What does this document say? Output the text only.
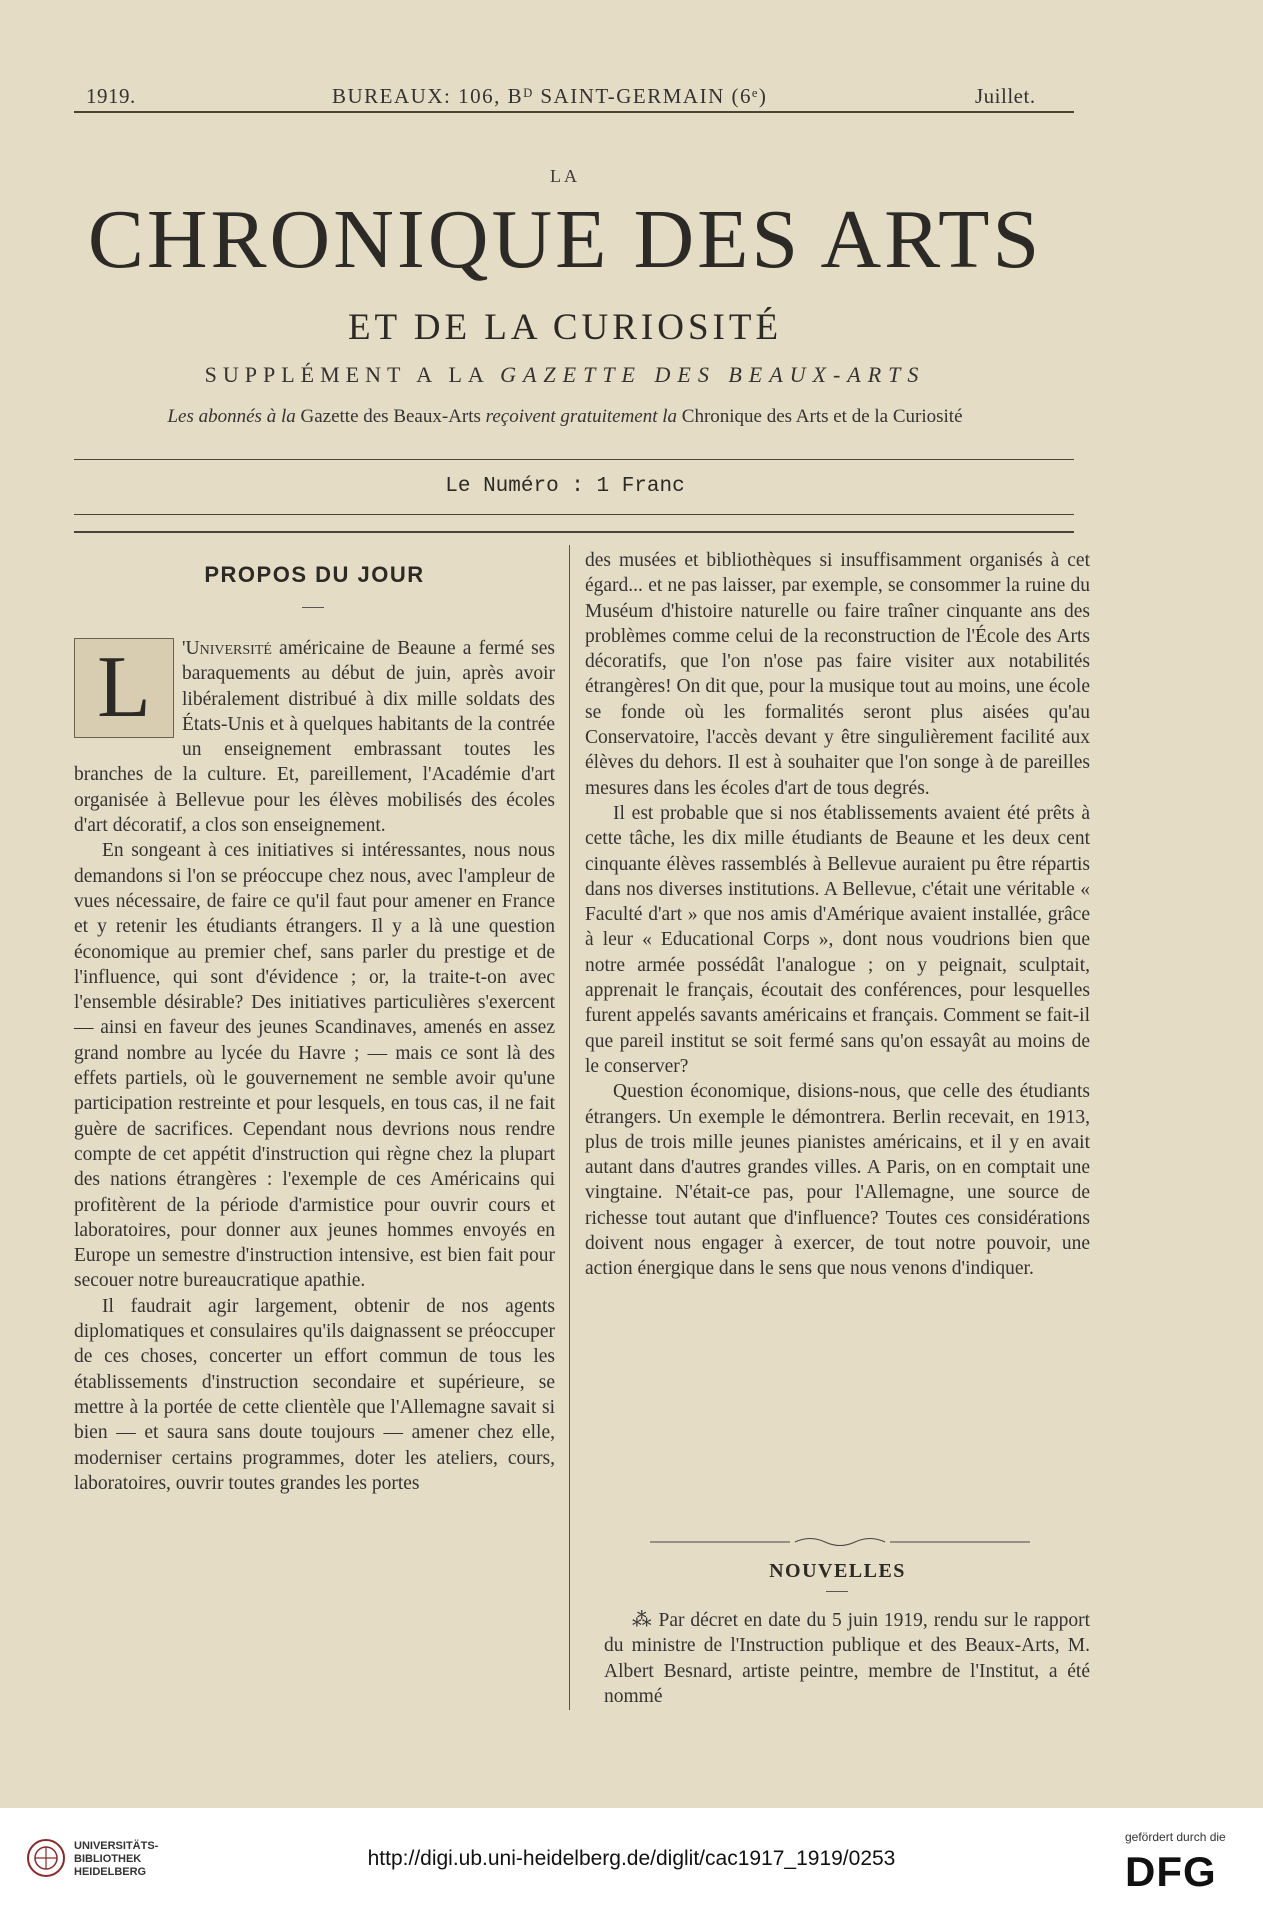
1919.	BUREAUX: 106, Bᴰ SAINT-GERMAIN (6ᵉ)	Juillet.
LA
CHRONIQUE DES ARTS
ET DE LA CURIOSITÉ
SUPPLÉMENT A LA GAZETTE DES BEAUX-ARTS
Les abonnés à la Gazette des Beaux-Arts reçoivent gratuitement la Chronique des Arts et de la Curiosité
Le Numéro : 1 Franc
PROPOS DU JOUR

L	'Université américaine de Beaune a fermé ses baraquements au début de juin, après avoir libéralement distribué à dix mille soldats des États-Unis et à quelques habitants de la contrée un enseignement embrassant toutes les branches de la culture. Et, pareillement, l'Académie d'art organisée à Bellevue pour les élèves mobilisés des écoles d'art décoratif, a clos son enseignement.

En songeant à ces initiatives si intéressantes, nous nous demandons si l'on se préoccupe chez nous, avec l'ampleur de vues nécessaire, de faire ce qu'il faut pour amener en France et y retenir les étudiants étrangers. Il y a là une question économique au premier chef, sans parler du prestige et de l'influence, qui sont d'évidence ; or, la traite-t-on avec l'ensemble désirable? Des initiatives particulières s'exercent — ainsi en faveur des jeunes Scandinaves, amenés en assez grand nombre au lycée du Havre ; — mais ce sont là des effets partiels, où le gouvernement ne semble avoir qu'une participation restreinte et pour lesquels, en tous cas, il ne fait guère de sacrifices. Cependant nous devrions nous rendre compte de cet appétit d'instruction qui règne chez la plupart des nations étrangères : l'exemple de ces Américains qui profitèrent de la période d'armistice pour ouvrir cours et laboratoires, pour donner aux jeunes hommes envoyés en Europe un semestre d'instruction intensive, est bien fait pour secouer notre bureaucratique apathie.

Il faudrait agir largement, obtenir de nos agents diplomatiques et consulaires qu'ils daignassent se préoccuper de ces choses, concerter un effort commun de tous les établissements d'instruction secondaire et supérieure, se mettre à la portée de cette clientèle que l'Allemagne savait si bien — et saura sans doute toujours — amener chez elle, moderniser certains programmes, doter les ateliers, cours, laboratoires, ouvrir toutes grandes les portes

des musées et bibliothèques si insuffisamment organisés à cet égard... et ne pas laisser, par exemple, se consommer la ruine du Muséum d'histoire naturelle ou faire traîner cinquante ans des problèmes comme celui de la reconstruction de l'École des Arts décoratifs, que l'on n'ose pas faire visiter aux notabilités étrangères! On dit que, pour la musique tout au moins, une école se fonde où les formalités seront plus aisées qu'au Conservatoire, l'accès devant y être singulièrement facilité aux élèves du dehors. Il est à souhaiter que l'on songe à de pareilles mesures dans les écoles d'art de tous degrés.

Il est probable que si nos établissements avaient été prêts à cette tâche, les dix mille étudiants de Beaune et les deux cent cinquante élèves rassemblés à Bellevue auraient pu être répartis dans nos diverses institutions. A Bellevue, c'était une véritable « Faculté d'art » que nos amis d'Amérique avaient installée, grâce à leur « Educational Corps », dont nous voudrions bien que notre armée possédât l'analogue ; on y peignait, sculptait, apprenait le français, écoutait des conférences, pour lesquelles furent appelés savants américains et français. Comment se fait-il que pareil institut se soit fermé sans qu'on essayât au moins de le conserver?

Question économique, disions-nous, que celle des étudiants étrangers. Un exemple le démontrera. Berlin recevait, en 1913, plus de trois mille jeunes pianistes américains, et il y en avait autant dans d'autres grandes villes. A Paris, on en comptait une vingtaine. N'était-ce pas, pour l'Allemagne, une source de richesse tout autant que d'influence? Toutes ces considérations doivent nous engager à exercer, de tout notre pouvoir, une action énergique dans le sens que nous venons d'indiquer.

NOUVELLES

⁂ Par décret en date du 5 juin 1919, rendu sur le rapport du ministre de l'Instruction publique et des Beaux-Arts, M. Albert Besnard, artiste peintre, membre de l'Institut, a été nommé

UNIVERSITÄTS-
BIBLIOTHEK
HEIDELBERG
http://digi.ub.uni-heidelberg.de/diglit/cac1917_1919/0253
gefördert durch die
DFG
